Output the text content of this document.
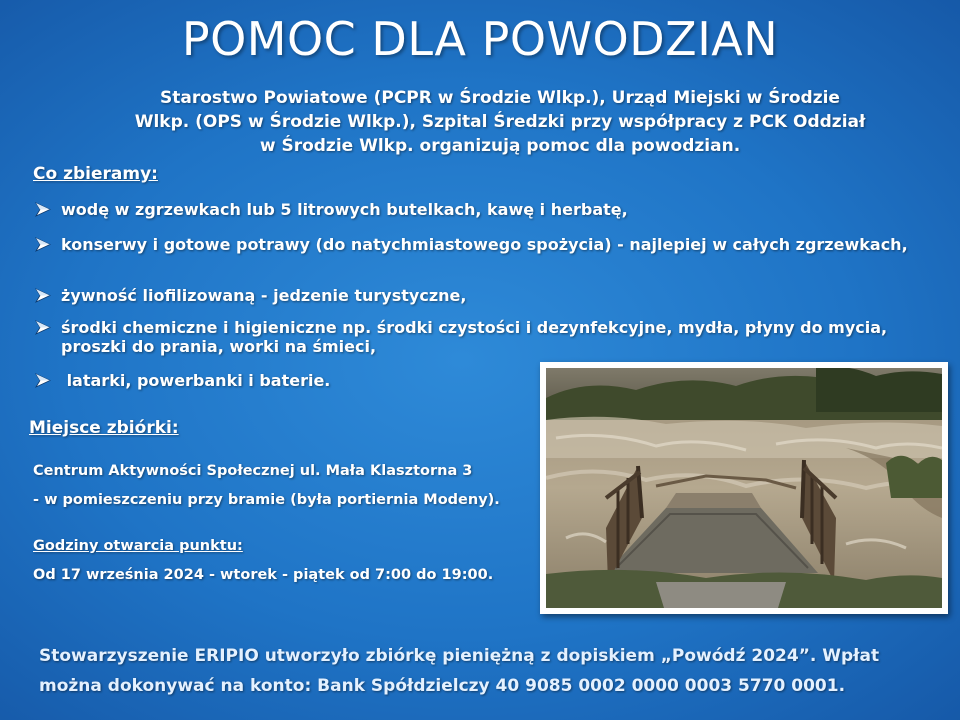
POMOC DLA POWODZIAN
Starostwo Powiatowe (PCPR w Środzie Wlkp.), Urząd Miejski w Środzie Wlkp. (OPS w Środzie Wlkp.), Szpital Średzki przy współpracy z PCK Oddział w Środzie Wlkp. organizują pomoc dla powodzian.
Co zbieramy:
wodę w zgrzewkach lub 5 litrowych butelkach, kawę i herbatę,
konserwy i gotowe potrawy (do natychmiastowego spożycia) - najlepiej w całych zgrzewkach,
żywność liofilizowaną - jedzenie turystyczne,
środki chemiczne i higieniczne np. środki czystości i dezynfekcyjne, mydła, płyny do mycia, proszki do prania, worki na śmieci,
latarki, powerbanki i baterie.
Miejsce zbiórki:
Centrum Aktywności Społecznej ul. Mała Klasztorna 3
- w pomieszczeniu przy bramie (była portiernia Modeny).
Godziny otwarcia punktu:
Od 17 września 2024 - wtorek - piątek od 7:00 do 19:00.
Stowarzyszenie ERIPIO utworzyło zbiórkę pieniężną z dopiskiem „Powódź 2024”. Wpłat można dokonywać na konto: Bank Spółdzielczy 40 9085 0002 0000 0003 5770 0001.
